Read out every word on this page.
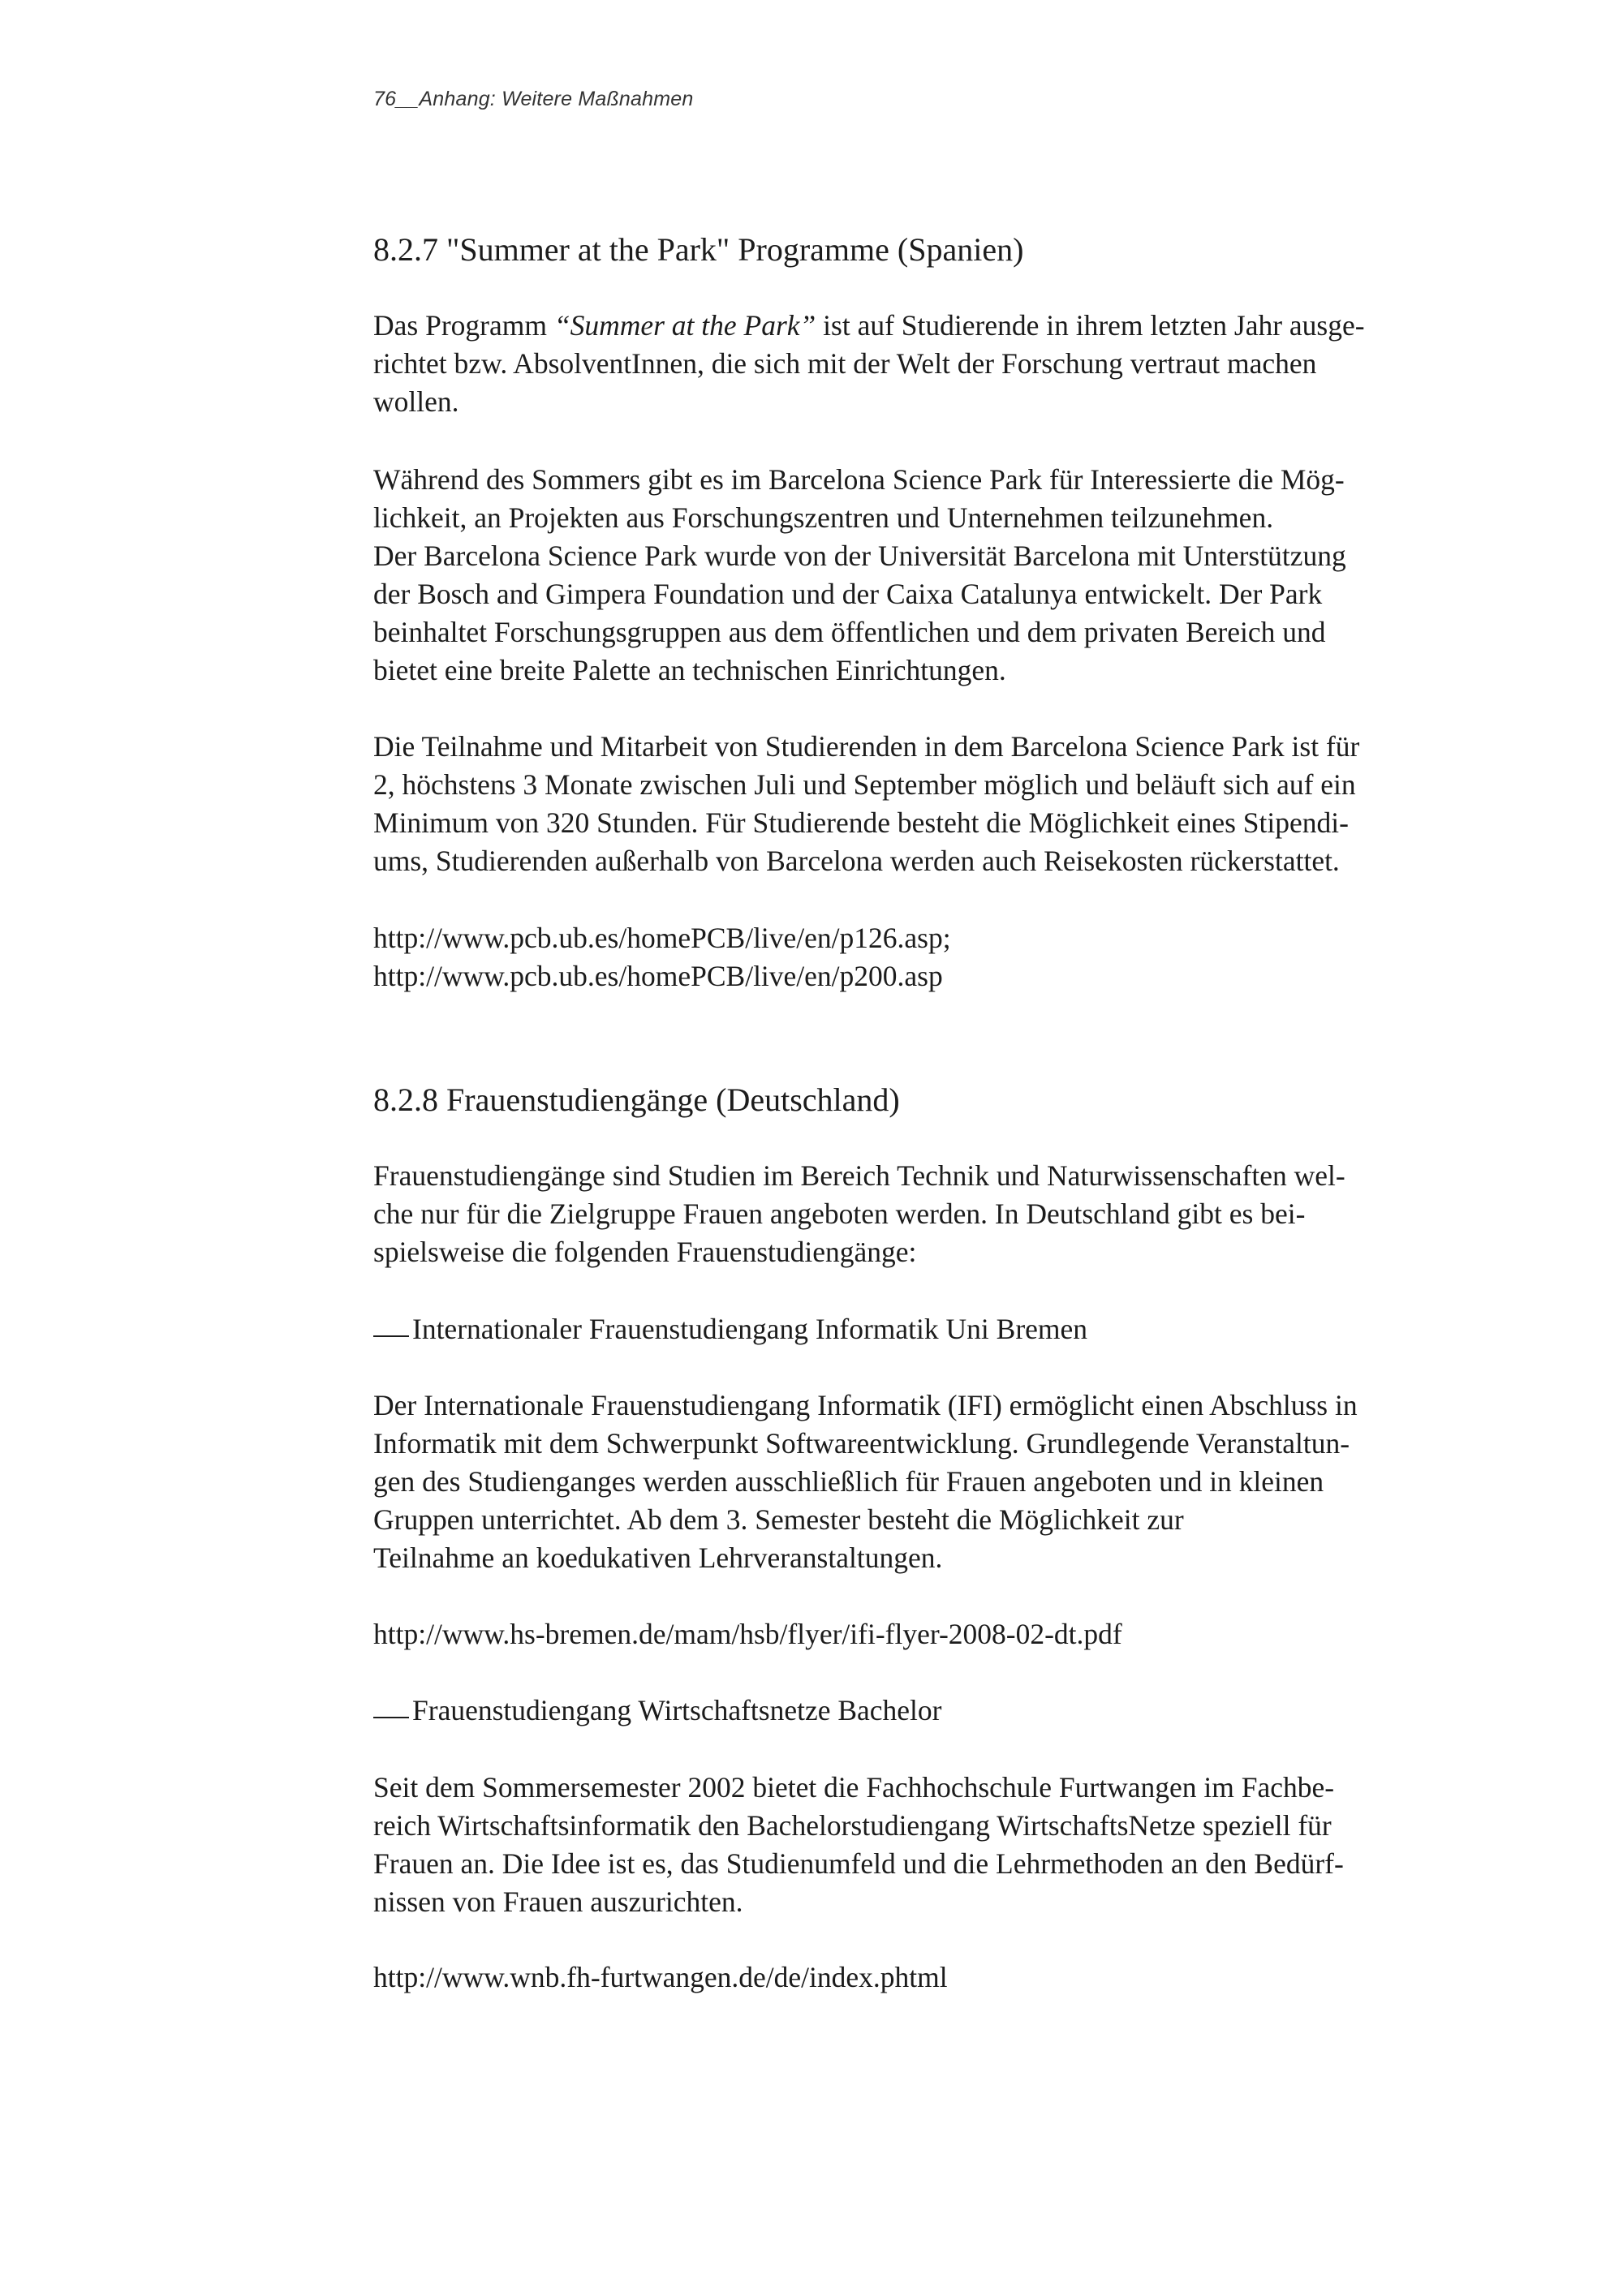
76__Anhang: Weitere Maßnahmen
8.2.7 "Summer at the Park" Programme (Spanien)
Das Programm “Summer at the Park” ist auf Studierende in ihrem letzten Jahr ausge-
richtet bzw. AbsolventInnen, die sich mit der Welt der Forschung vertraut machen
wollen.
Während des Sommers gibt es im Barcelona Science Park für Interessierte die Mög-
lichkeit, an Projekten aus Forschungszentren und Unternehmen teilzunehmen.
Der Barcelona Science Park wurde von der Universität Barcelona mit Unterstützung
der Bosch and Gimpera Foundation und der Caixa Catalunya entwickelt. Der Park
beinhaltet Forschungsgruppen aus dem öffentlichen und dem privaten Bereich und
bietet eine breite Palette an technischen Einrichtungen.
Die Teilnahme und Mitarbeit von Studierenden in dem Barcelona Science Park ist für
2, höchstens 3 Monate zwischen Juli und September möglich und beläuft sich auf ein
Minimum von 320 Stunden. Für Studierende besteht die Möglichkeit eines Stipendi-
ums, Studierenden außerhalb von Barcelona werden auch Reisekosten rückerstattet.
http://www.pcb.ub.es/homePCB/live/en/p126.asp;
http://www.pcb.ub.es/homePCB/live/en/p200.asp
8.2.8 Frauenstudiengänge (Deutschland)
Frauenstudiengänge sind Studien im Bereich Technik und Naturwissenschaften wel-
che nur für die Zielgruppe Frauen angeboten werden. In Deutschland gibt es bei-
spielsweise die folgenden Frauenstudiengänge:
Internationaler Frauenstudiengang Informatik Uni Bremen
Der Internationale Frauenstudiengang Informatik (IFI) ermöglicht einen Abschluss in
Informatik mit dem Schwerpunkt Softwareentwicklung. Grundlegende Veranstaltun-
gen des Studienganges werden ausschließlich für Frauen angeboten und in kleinen
Gruppen unterrichtet. Ab dem 3. Semester besteht die Möglichkeit zur
Teilnahme an koedukativen Lehrveranstaltungen.
http://www.hs-bremen.de/mam/hsb/flyer/ifi-flyer-2008-02-dt.pdf
Frauenstudiengang Wirtschaftsnetze Bachelor
Seit dem Sommersemester 2002 bietet die Fachhochschule Furtwangen im Fachbe-
reich Wirtschaftsinformatik den Bachelorstudiengang WirtschaftsNetze speziell für
Frauen an. Die Idee ist es, das Studienumfeld und die Lehrmethoden an den Bedürf-
nissen von Frauen auszurichten.
http://www.wnb.fh-furtwangen.de/de/index.phtml
